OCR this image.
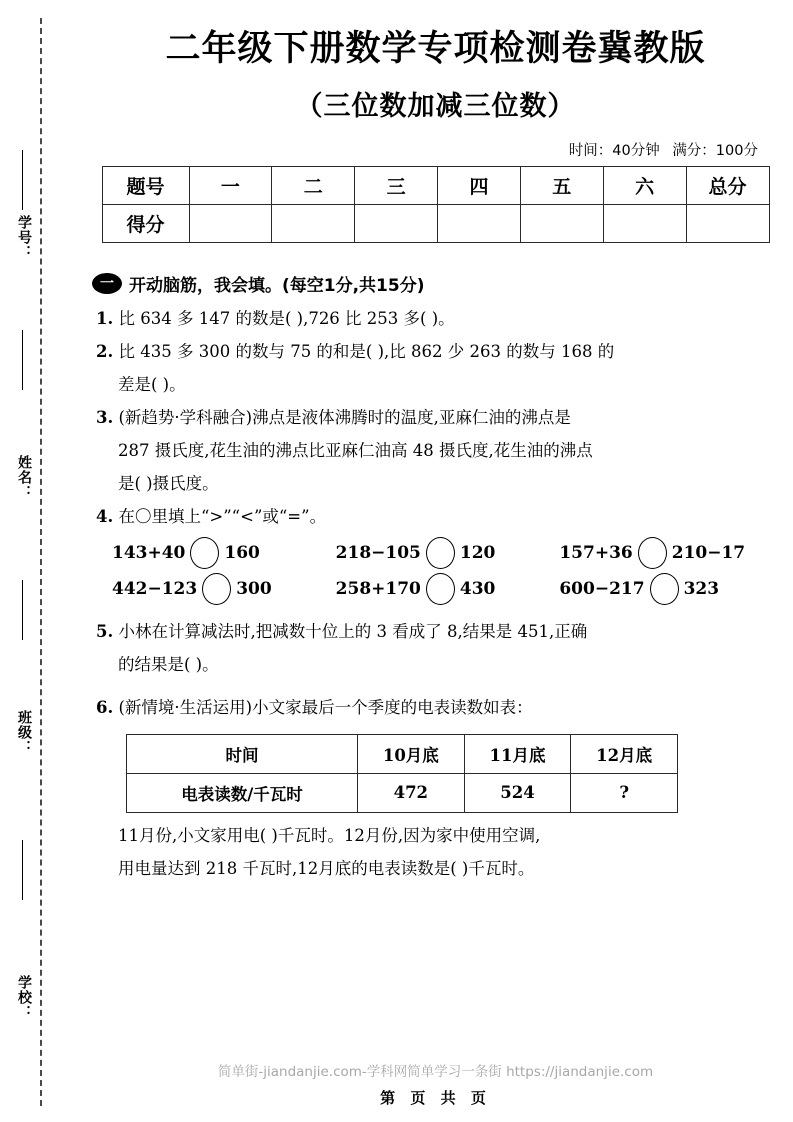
学号：
姓名：
班级：
学校：
二年级下册数学专项检测卷冀教版
（三位数加减三位数）
时间：40分钟 满分：100分
题号	一	二	三	四	五	六	总分
得分							
一 开动脑筋，我会填。(每空1分,共15分)
1. 比 634 多 147 的数是( ),726 比 253 多( )。
2. 比 435 多 300 的数与 75 的和是( ),比 862 少 263 的数与 168 的
差是( )。
3. (新趋势·学科融合)沸点是液体沸腾时的温度,亚麻仁油的沸点是
287 摄氏度,花生油的沸点比亚麻仁油高 48 摄氏度,花生油的沸点
是( )摄氏度。
4. 在〇里填上“>”“<”或“=”。
143+40 160	218−105 120	157+36 210−17
442−123 300	258+170 430	600−217 323
5. 小林在计算减法时,把减数十位上的 3 看成了 8,结果是 451,正确
的结果是( )。
6. (新情境·生活运用)小文家最后一个季度的电表读数如表：
时间	10月底	11月底	12月底
电表读数/千瓦时	472	524	?
11月份,小文家用电( )千瓦时。12月份,因为家中使用空调,
用电量达到 218 千瓦时,12月底的电表读数是( )千瓦时。
简单街-jiandanjie.com-学科网简单学习一条街 https://jiandanjie.com
第 页 共 页
